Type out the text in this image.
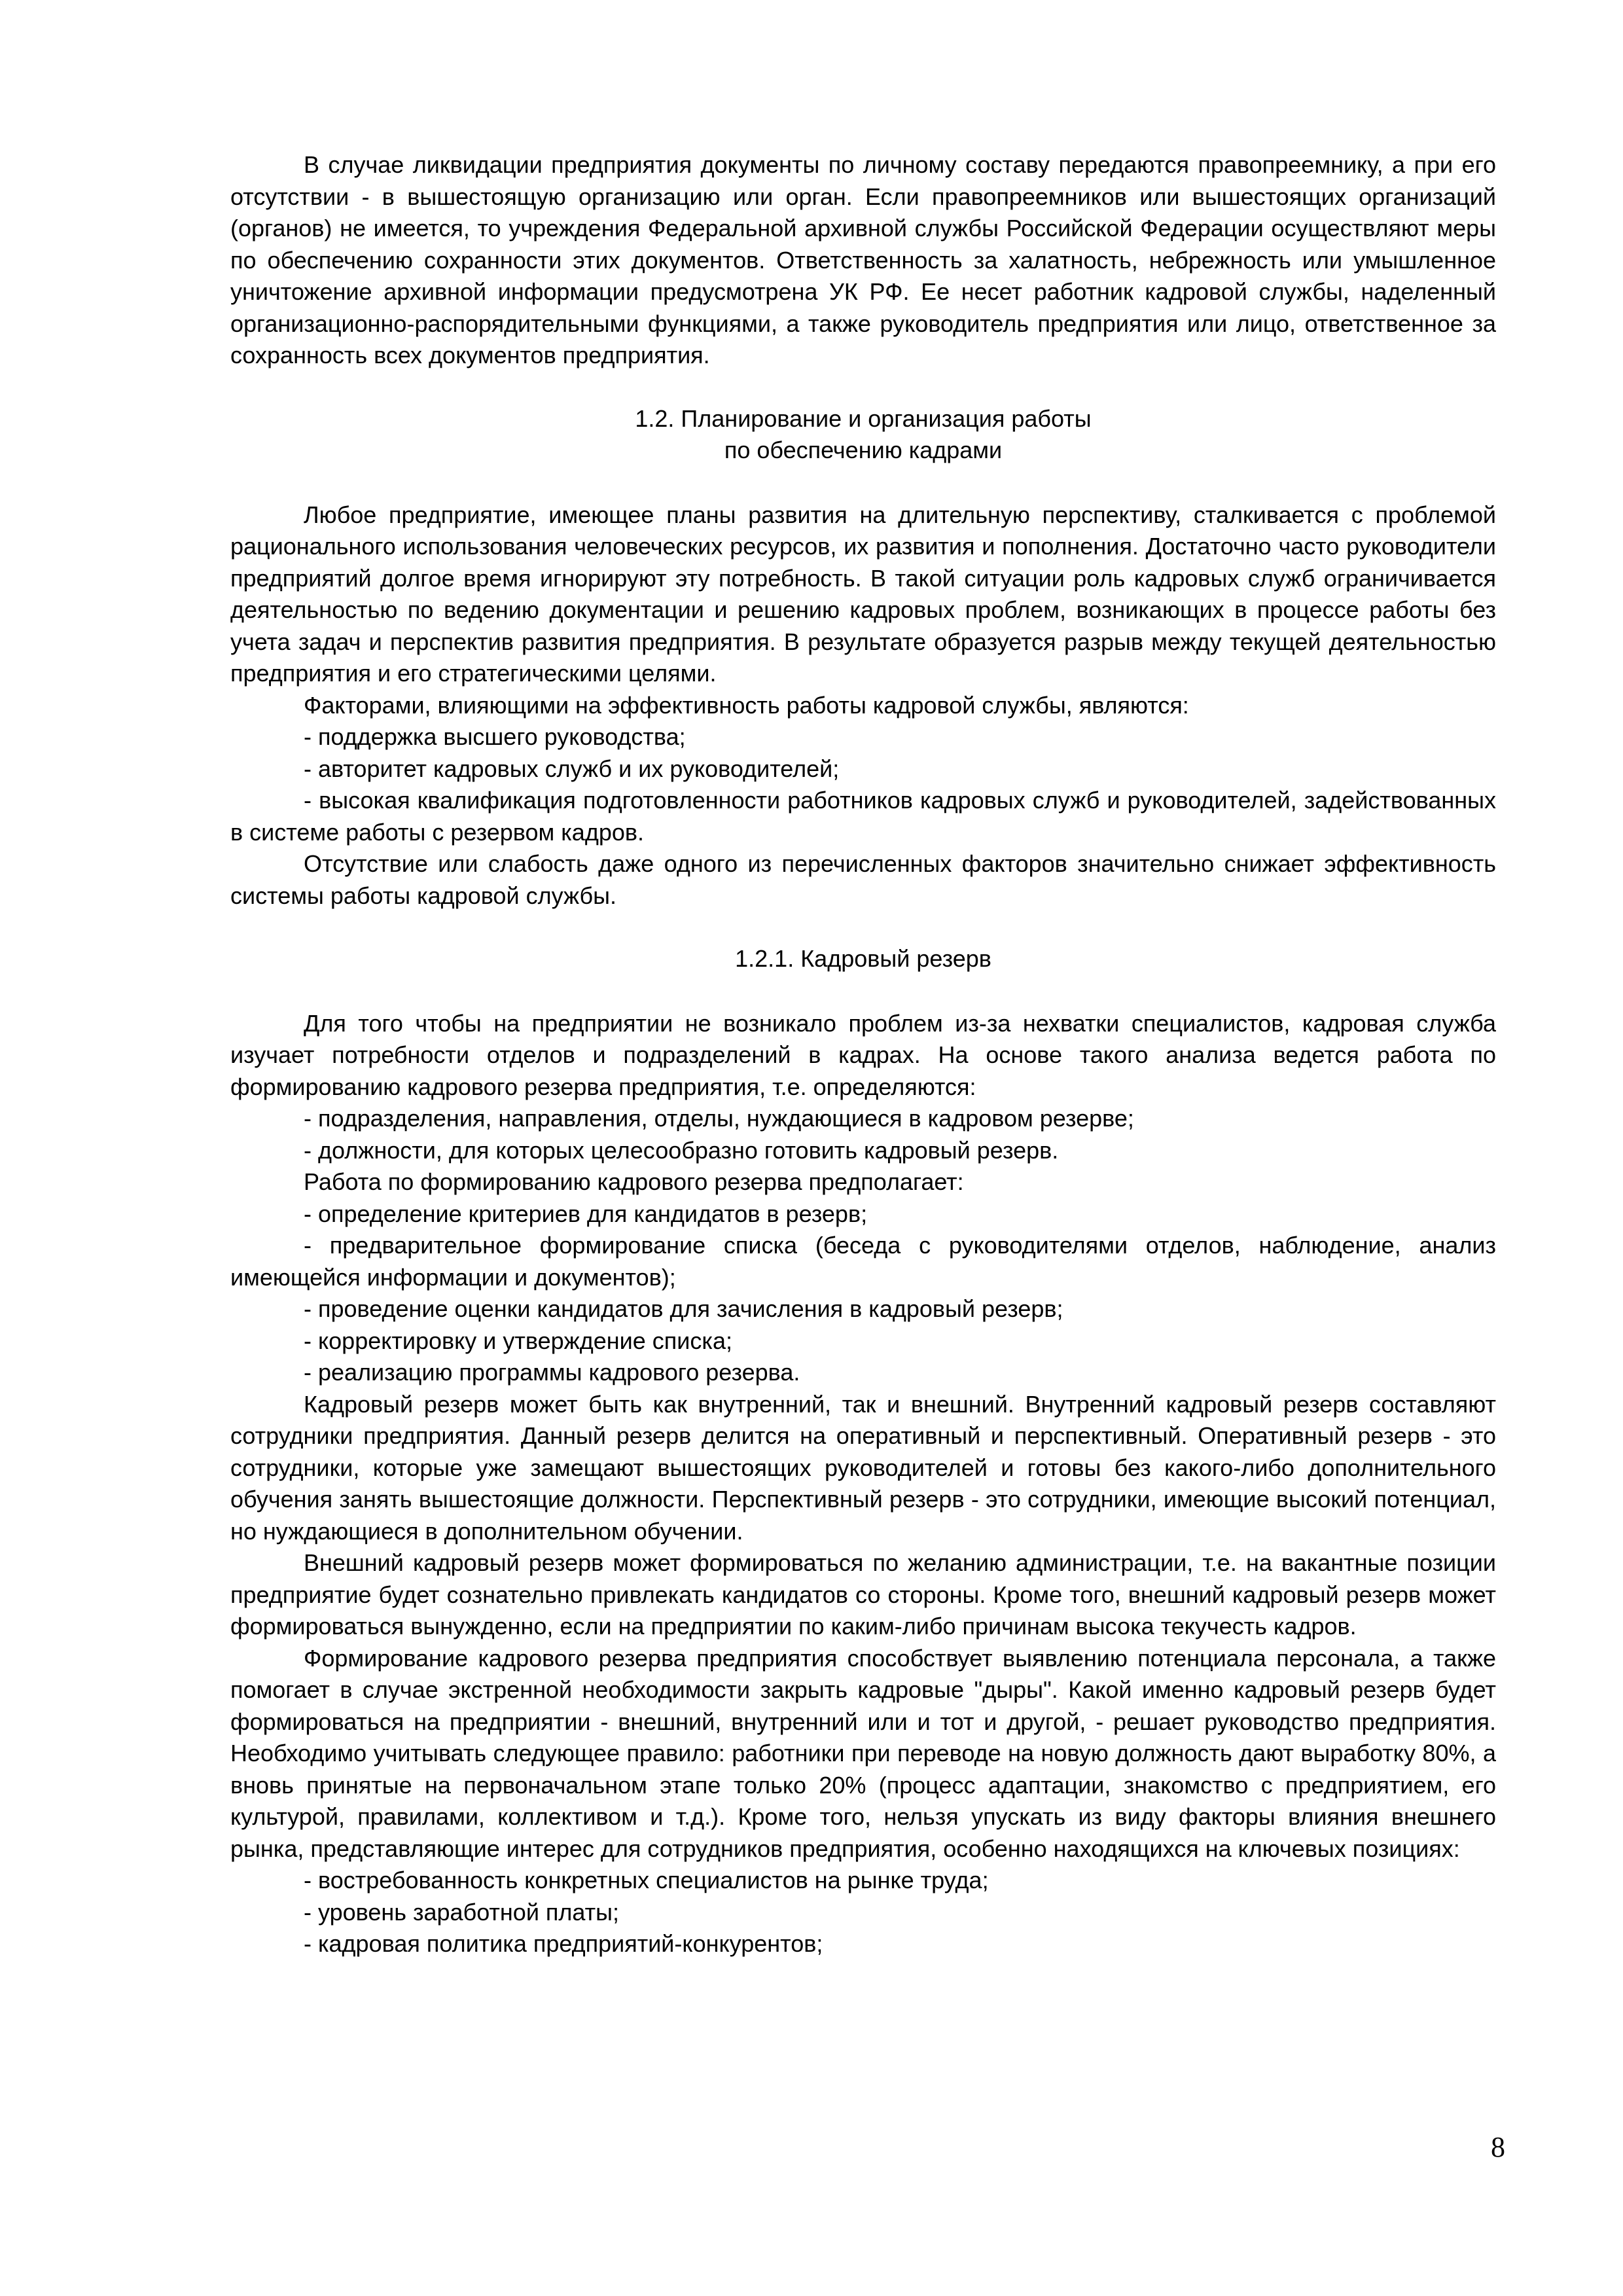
В случае ликвидации предприятия документы по личному составу передаются правопреемнику, а при его отсутствии - в вышестоящую организацию или орган. Если правопреемников или вышестоящих организаций (органов) не имеется, то учреждения Федеральной архивной службы Российской Федерации осуществляют меры по обеспечению сохранности этих документов. Ответственность за халатность, небрежность или умышленное уничтожение архивной информации предусмотрена УК РФ. Ее несет работник кадровой службы, наделенный организационно-распорядительными функциями, а также руководитель предприятия или лицо, ответственное за сохранность всех документов предприятия.

1.2. Планирование и организация работы

по обеспечению кадрами

Любое предприятие, имеющее планы развития на длительную перспективу, сталкивается с проблемой рационального использования человеческих ресурсов, их развития и пополнения. Достаточно часто руководители предприятий долгое время игнорируют эту потребность. В такой ситуации роль кадровых служб ограничивается деятельностью по ведению документации и решению кадровых проблем, возникающих в процессе работы без учета задач и перспектив развития предприятия. В результате образуется разрыв между текущей деятельностью предприятия и его стратегическими целями.

Факторами, влияющими на эффективность работы кадровой службы, являются:

- поддержка высшего руководства;

- авторитет кадровых служб и их руководителей;

- высокая квалификация подготовленности работников кадровых служб и руководителей, задействованных в системе работы с резервом кадров.

Отсутствие или слабость даже одного из перечисленных факторов значительно снижает эффективность системы работы кадровой службы.

1.2.1. Кадровый резерв

Для того чтобы на предприятии не возникало проблем из-за нехватки специалистов, кадровая служба изучает потребности отделов и подразделений в кадрах. На основе такого анализа ведется работа по формированию кадрового резерва предприятия, т.е. определяются:

- подразделения, направления, отделы, нуждающиеся в кадровом резерве;

- должности, для которых целесообразно готовить кадровый резерв.

Работа по формированию кадрового резерва предполагает:

- определение критериев для кандидатов в резерв;

- предварительное формирование списка (беседа с руководителями отделов, наблюдение, анализ имеющейся информации и документов);

- проведение оценки кандидатов для зачисления в кадровый резерв;

- корректировку и утверждение списка;

- реализацию программы кадрового резерва.

Кадровый резерв может быть как внутренний, так и внешний. Внутренний кадровый резерв составляют сотрудники предприятия. Данный резерв делится на оперативный и перспективный. Оперативный резерв - это сотрудники, которые уже замещают вышестоящих руководителей и готовы без какого-либо дополнительного обучения занять вышестоящие должности. Перспективный резерв - это сотрудники, имеющие высокий потенциал, но нуждающиеся в дополнительном обучении.

Внешний кадровый резерв может формироваться по желанию администрации, т.е. на вакантные позиции предприятие будет сознательно привлекать кандидатов со стороны. Кроме того, внешний кадровый резерв может формироваться вынужденно, если на предприятии по каким-либо причинам высока текучесть кадров.

Формирование кадрового резерва предприятия способствует выявлению потенциала персонала, а также помогает в случае экстренной необходимости закрыть кадровые "дыры". Какой именно кадровый резерв будет формироваться на предприятии - внешний, внутренний или и тот и другой, - решает руководство предприятия. Необходимо учитывать следующее правило: работники при переводе на новую должность дают выработку 80%, а вновь принятые на первоначальном этапе только 20% (процесс адаптации, знакомство с предприятием, его культурой, правилами, коллективом и т.д.). Кроме того, нельзя упускать из виду факторы влияния внешнего рынка, представляющие интерес для сотрудников предприятия, особенно находящихся на ключевых позициях:

- востребованность конкретных специалистов на рынке труда;

- уровень заработной платы;

- кадровая политика предприятий-конкурентов;

8
